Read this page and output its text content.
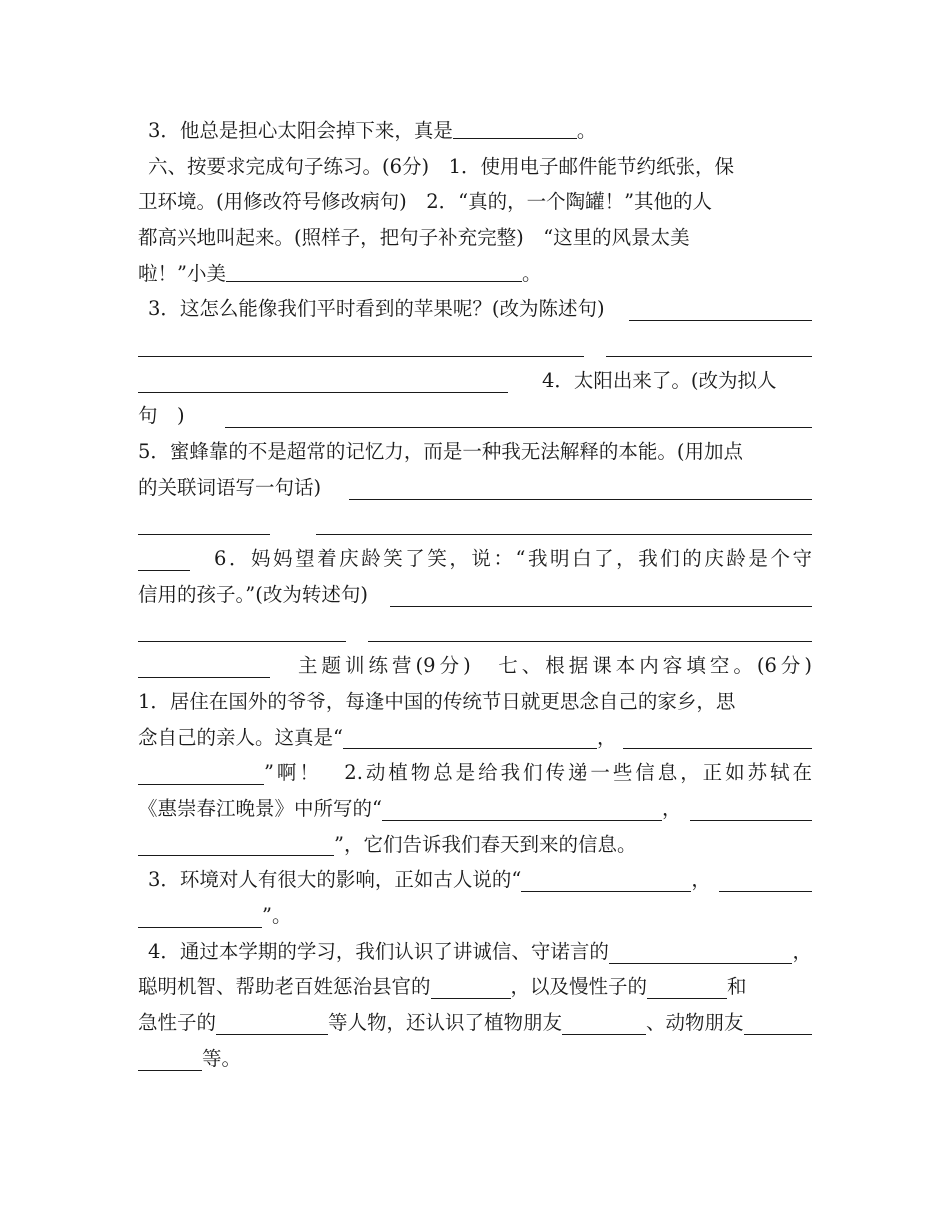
3．他总是担心太阳会掉下来，真是	。
六、按要求完成句子练习。(6分)　1．使用电子邮件能节约纸张，保
卫环境。(用修改符号修改病句)　2．“真的，一个陶罐！”其他的人
都高兴地叫起来。(照样子，把句子补充完整)　“这里的风景太美
啦！”小美	。
3．这怎么能像我们平时看到的苹果呢？(改为陈述句)
4．太阳出来了。(改为拟人
句　)
5．蜜蜂靠的不是超常的记忆力，而是一种我无法解释的本能。(用加点
的关联词语写一句话)
6．妈妈望着庆龄笑了笑，说：“我明白了，我们的庆龄是个守
信用的孩子。”(改为转述句)
主题训练营(9分)　七、根据课本内容填空。(6分)
1．居住在国外的爷爷，每逢中国的传统节日就更思念自己的家乡，思
念自己的亲人。这真是“	，
”啊！　2.动植物总是给我们传递一些信息，正如苏轼在
《惠崇春江晚景》中所写的“	，
”，它们告诉我们春天到来的信息。
3．环境对人有很大的影响，正如古人说的“	，
”。
4．通过本学期的学习，我们认识了讲诚信、守诺言的	，
聪明机智、帮助老百姓惩治县官的	，以及慢性子的	和
急性子的	等人物，还认识了植物朋友	、动物朋友
等。
